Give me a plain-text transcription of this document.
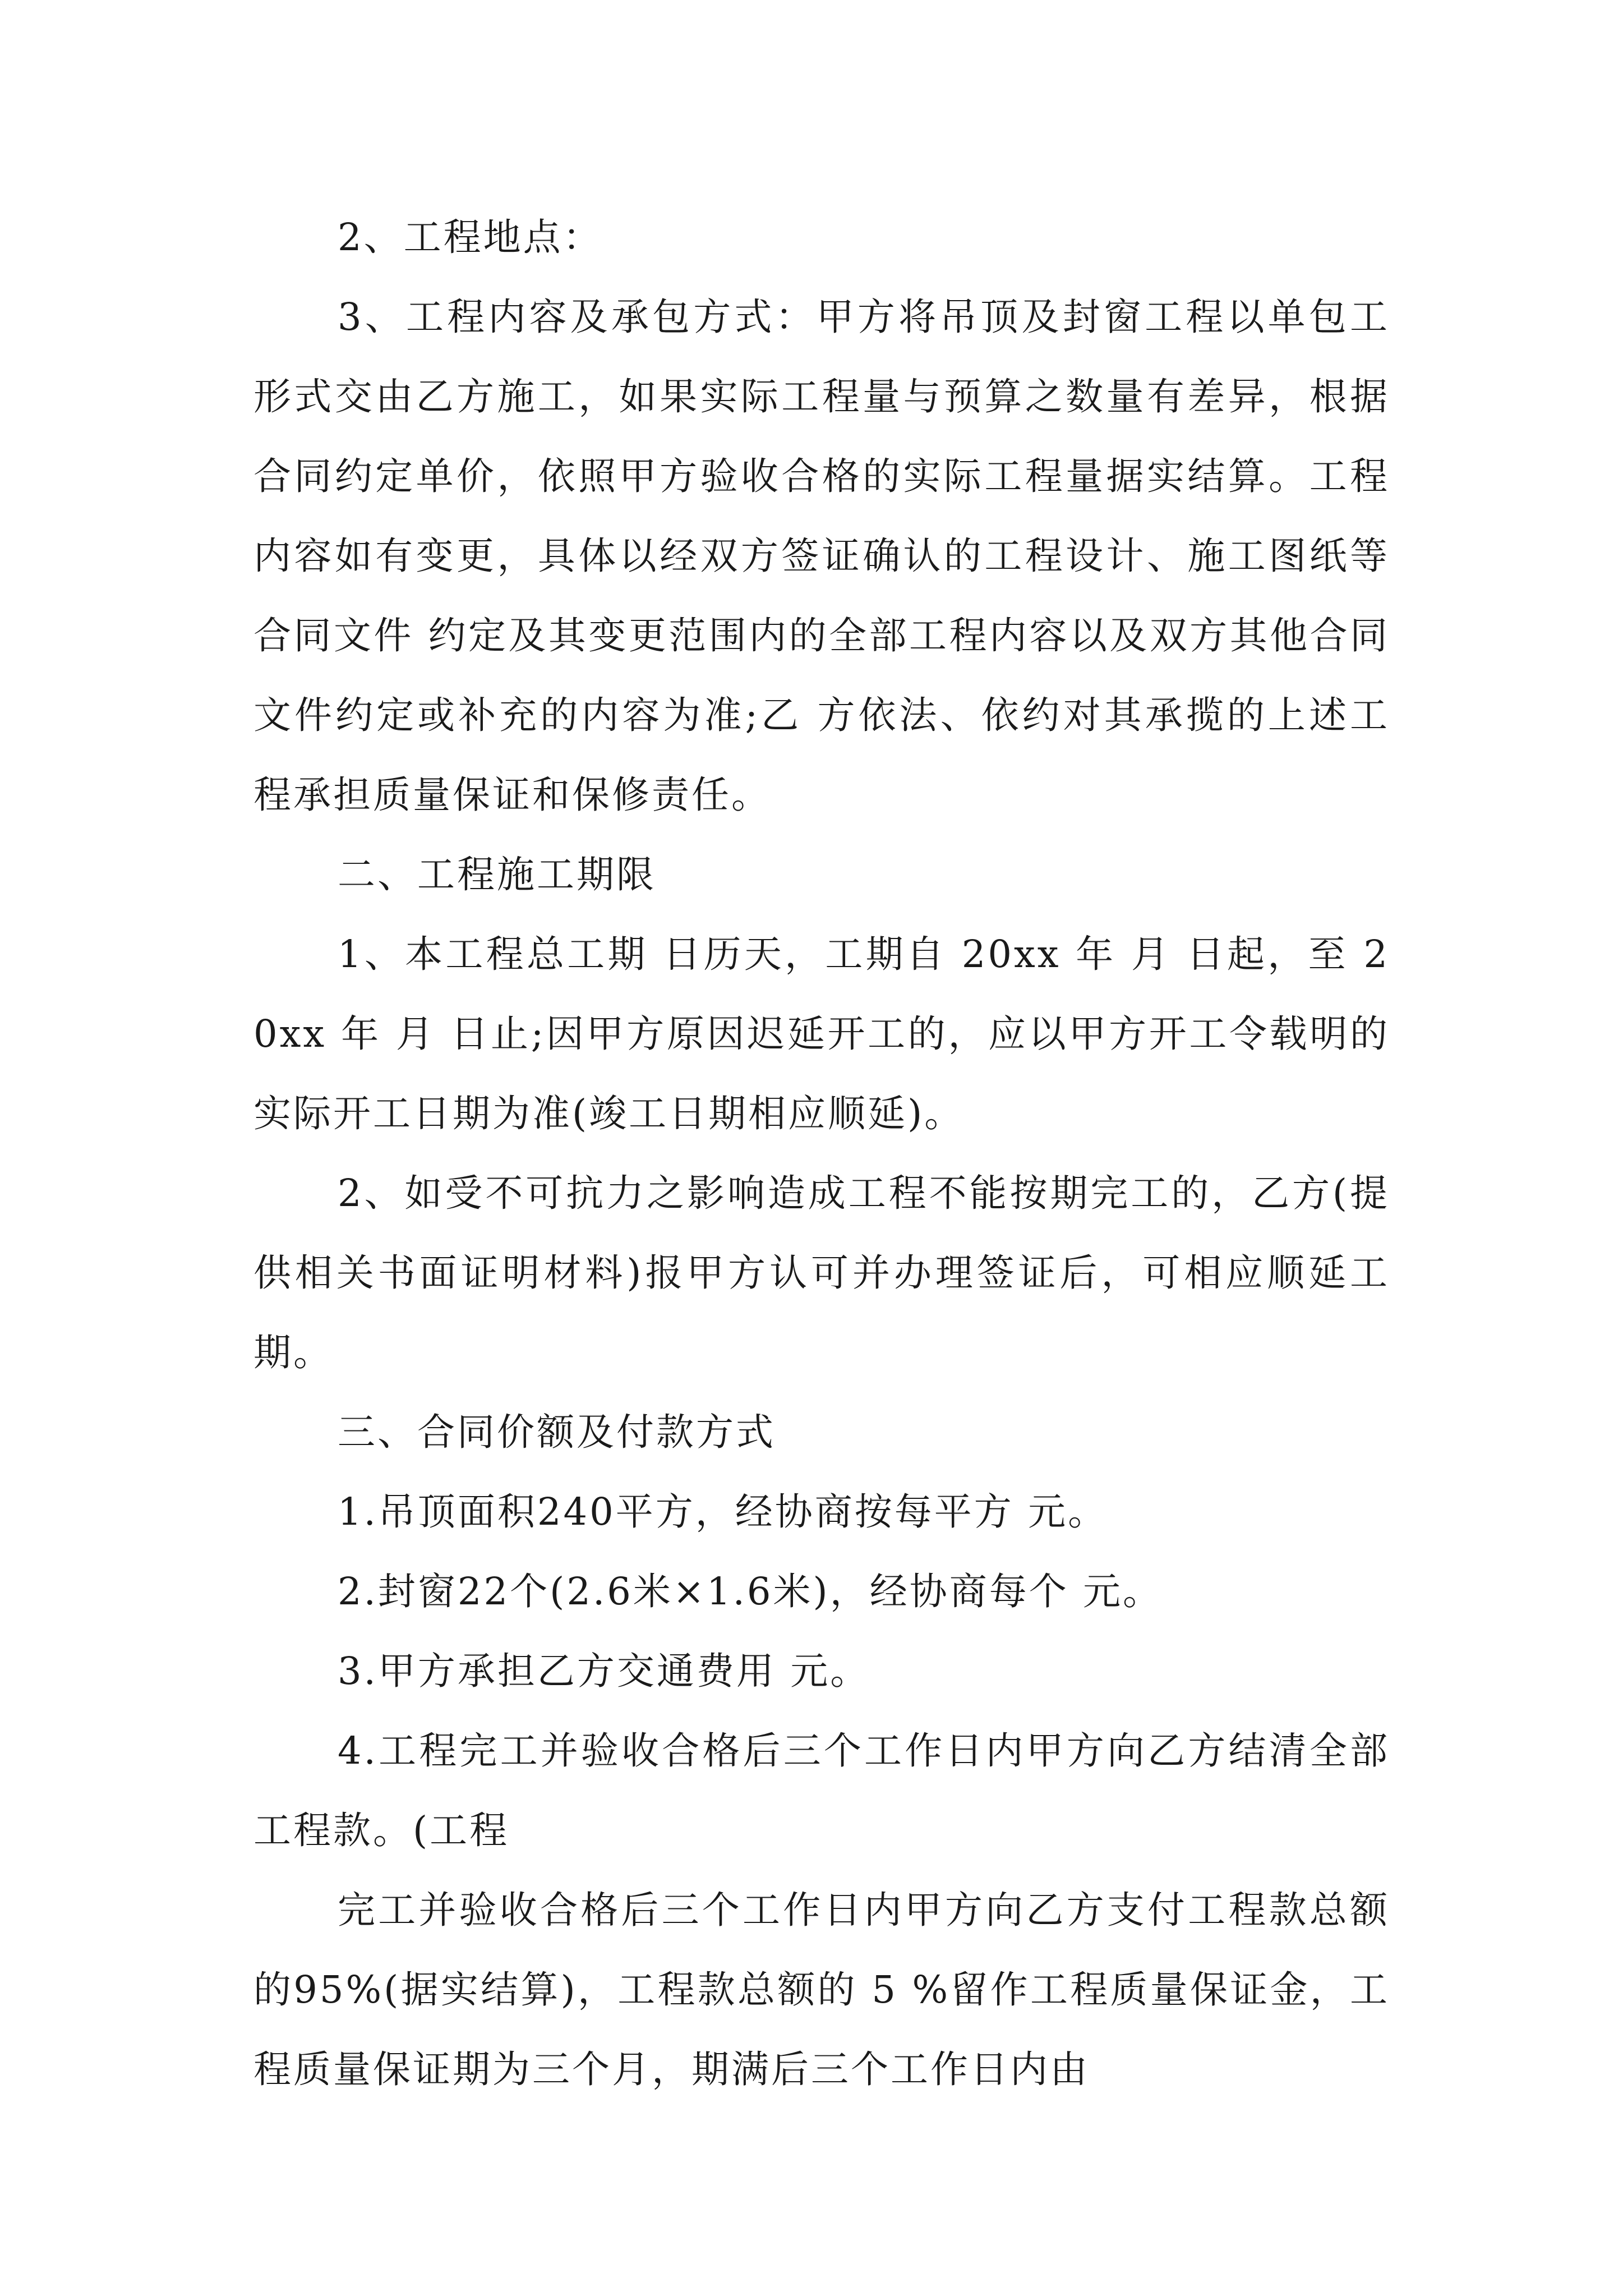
2、工程地点：

3、工程内容及承包方式：甲方将吊顶及封窗工程以单包工形式交由乙方施工，如果实际工程量与预算之数量有差异，根据合同约定单价，依照甲方验收合格的实际工程量据实结算。工程内容如有变更，具体以经双方签证确认的工程设计、施工图纸等合同文件 约定及其变更范围内的全部工程内容以及双方其他合同文件约定或补充的内容为准;乙 方依法、依约对其承揽的上述工程承担质量保证和保修责任。

二、工程施工期限

1、本工程总工期 日历天，工期自 20xx 年 月 日起，至 20xx 年 月 日止;因甲方原因迟延开工的，应以甲方开工令载明的实际开工日期为准(竣工日期相应顺延)。

2、如受不可抗力之影响造成工程不能按期完工的，乙方(提供相关书面证明材料)报甲方认可并办理签证后，可相应顺延工期。

三、合同价额及付款方式

1.吊顶面积240平方，经协商按每平方 元。

2.封窗22个(2.6米×1.6米)，经协商每个 元。

3.甲方承担乙方交通费用 元。

4.工程完工并验收合格后三个工作日内甲方向乙方结清全部工程款。(工程

完工并验收合格后三个工作日内甲方向乙方支付工程款总额的95%(据实结算)，工程款总额的 5 %留作工程质量保证金，工程质量保证期为三个月，期满后三个工作日内由
